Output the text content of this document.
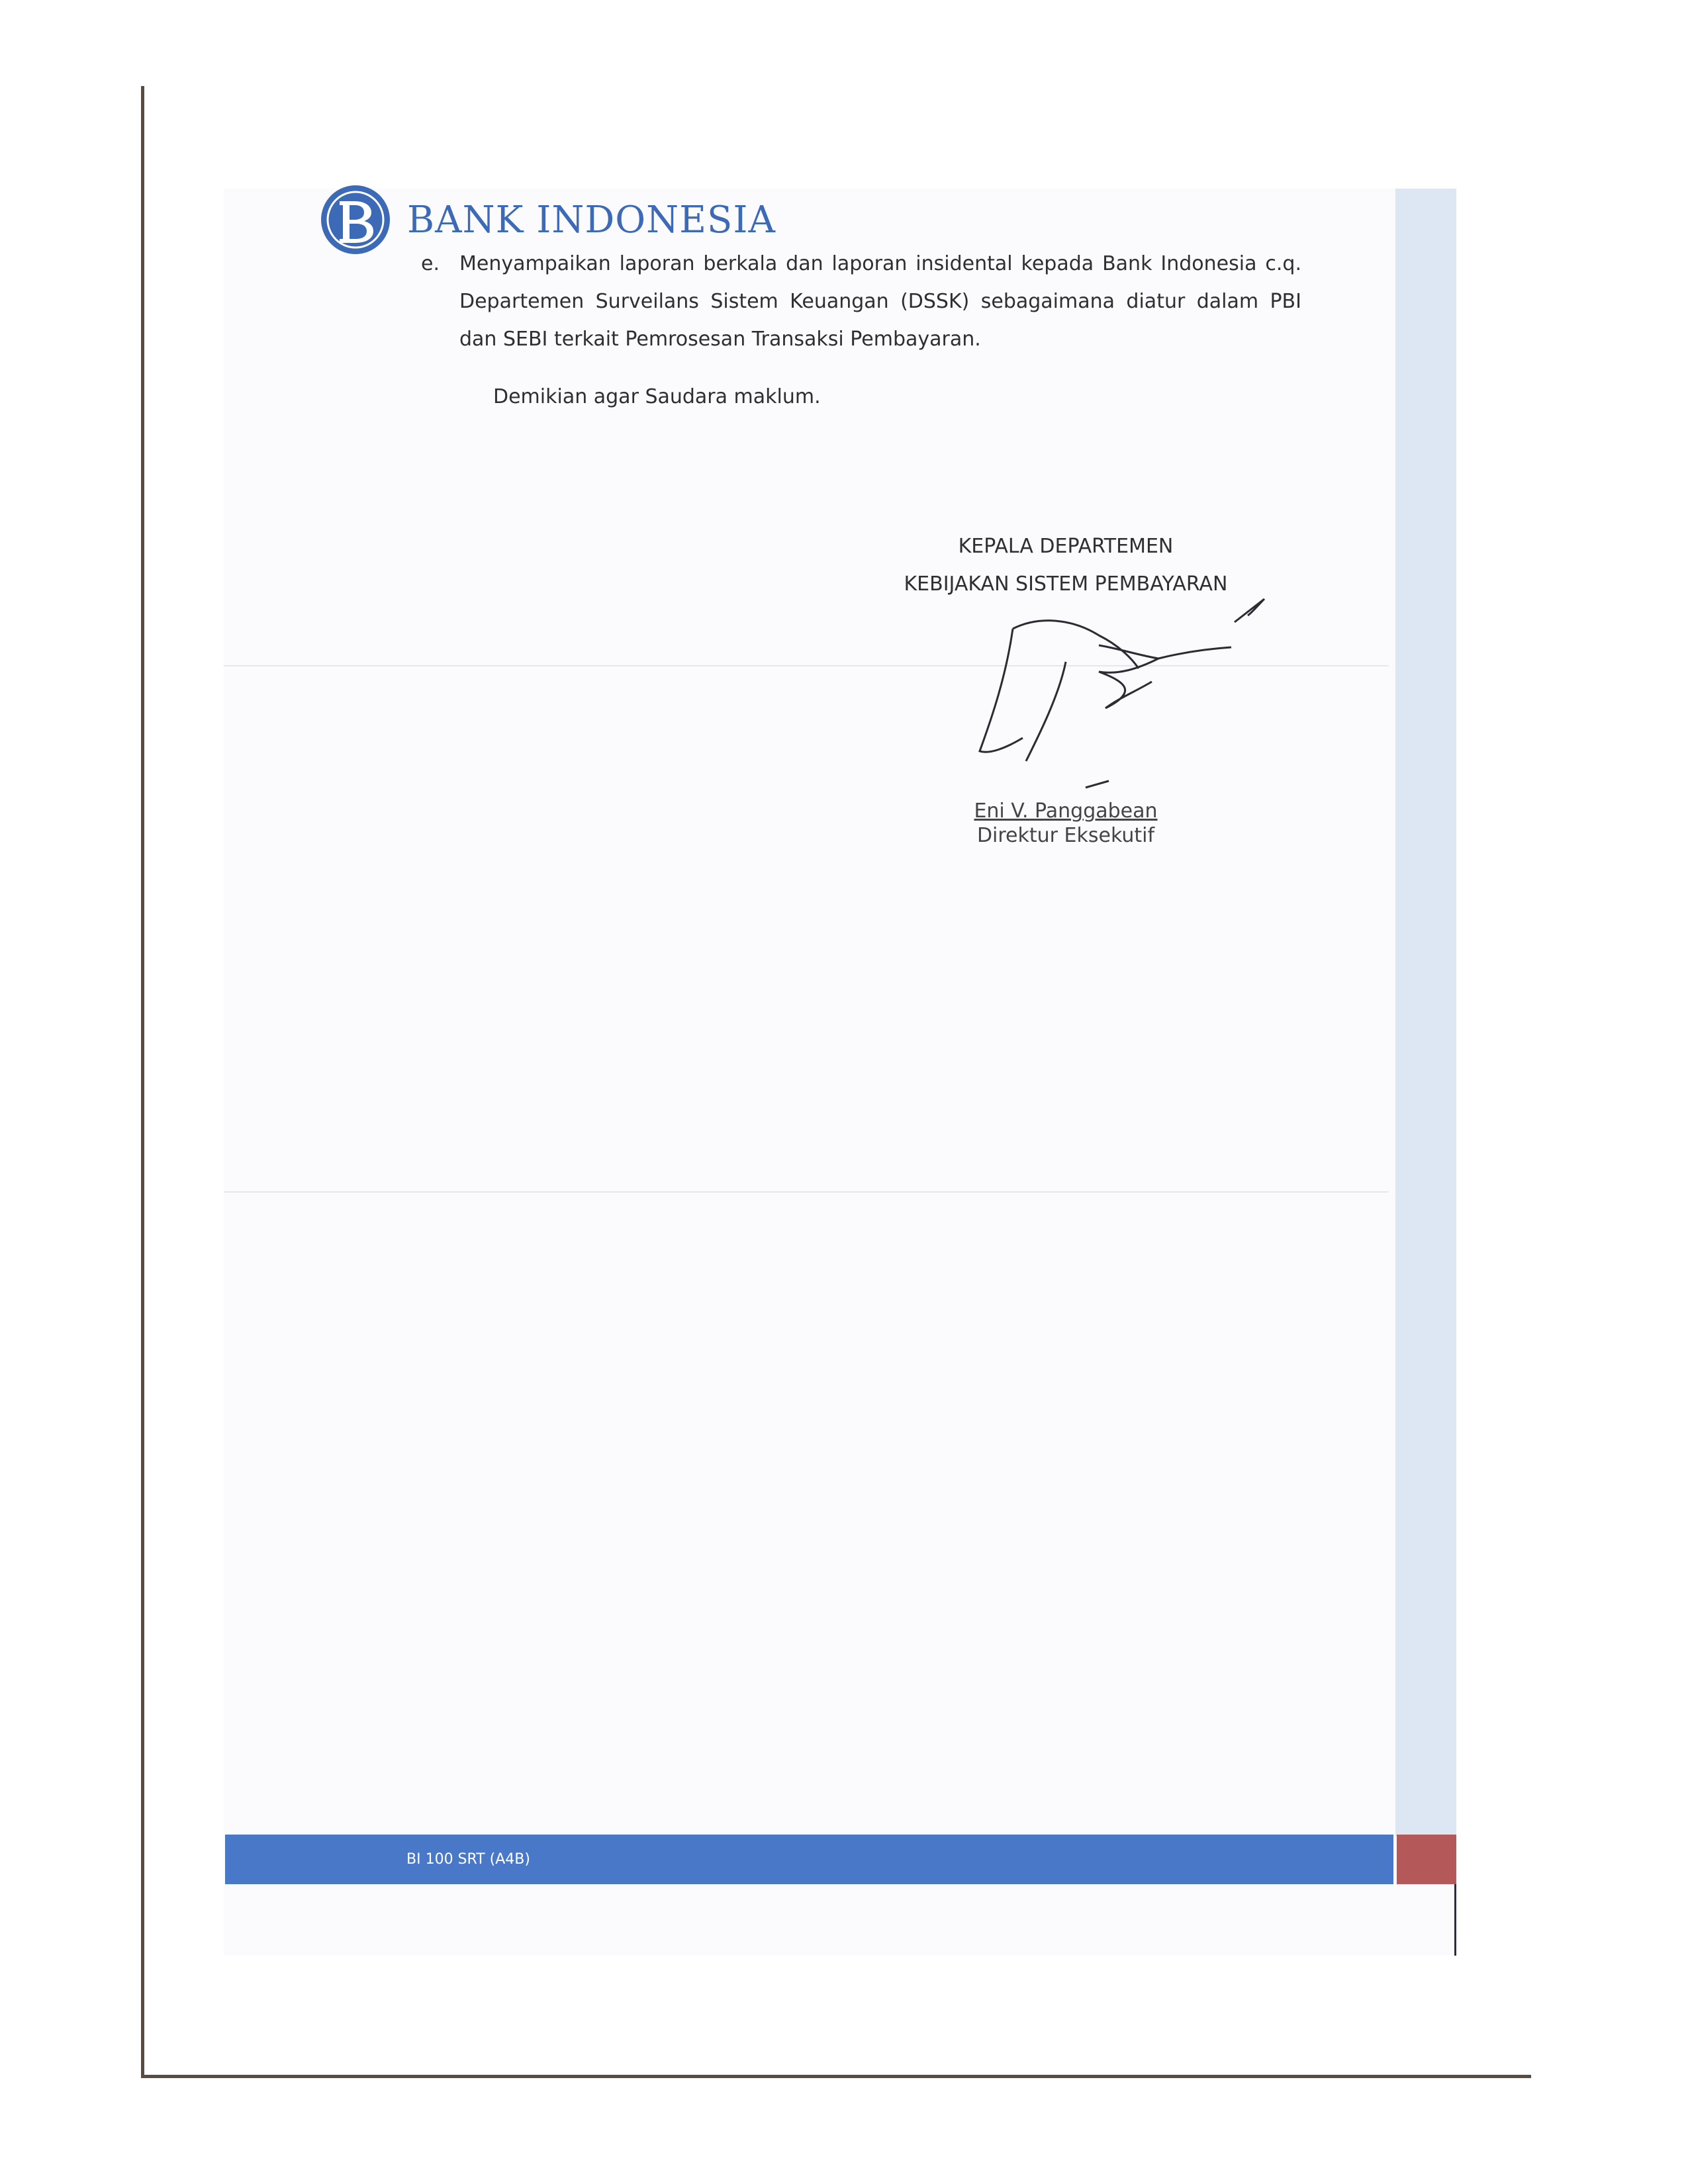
BANK INDONESIA
e. Menyampaikan laporan berkala dan laporan insidental kepada Bank Indonesia c.q. Departemen Surveilans Sistem Keuangan (DSSK) sebagaimana diatur dalam PBI dan SEBI terkait Pemrosesan Transaksi Pembayaran.
Demikian agar Saudara maklum.
KEPALA DEPARTEMEN
KEBIJAKAN SISTEM PEMBAYARAN
Eni V. Panggabean
Direktur Eksekutif
BI 100 SRT (A4B)
